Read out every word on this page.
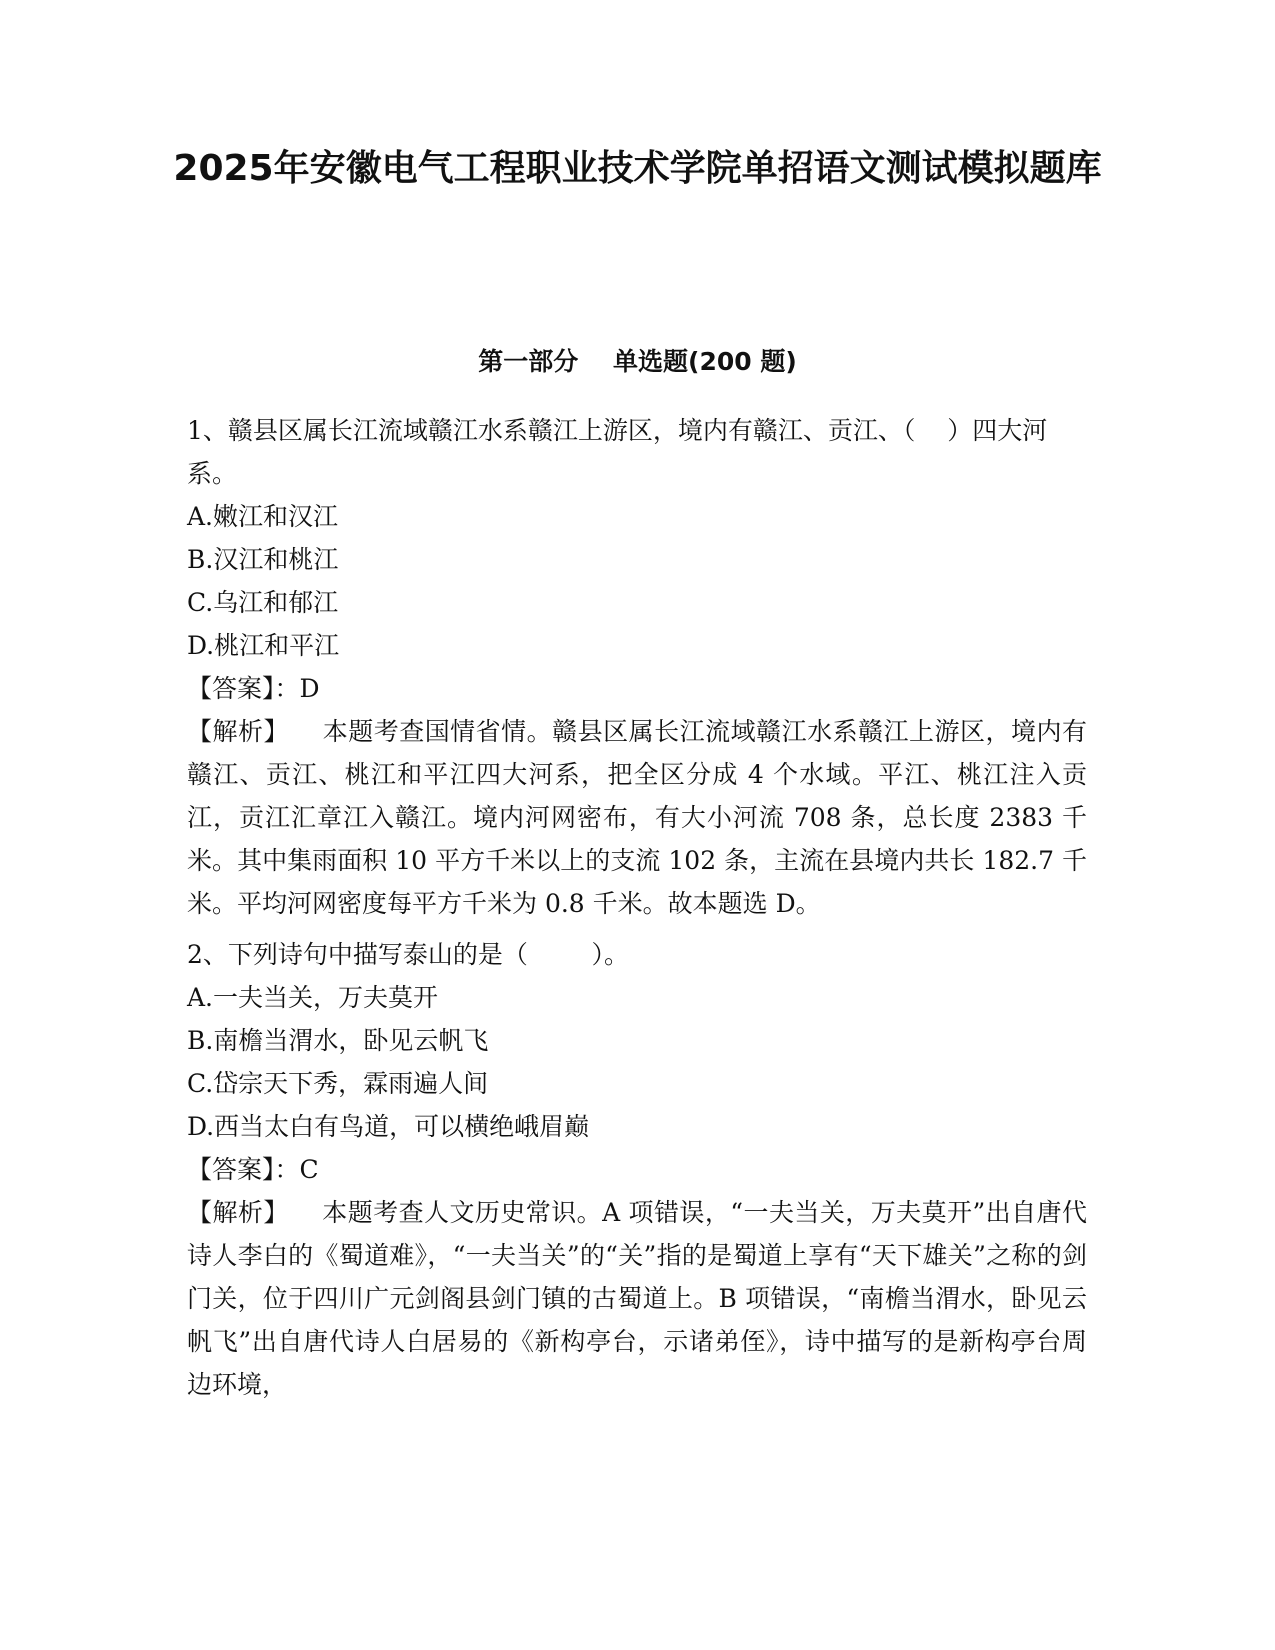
2025年安徽电气工程职业技术学院单招语文测试模拟题库
第一部分    单选题(200 题)

1、赣县区属长江流域赣江水系赣江上游区，境内有赣江、贡江、（    ）四大河系。

A.嫩江和汉江

B.汉江和桃江

C.乌江和郁江

D.桃江和平江

【答案】：D

【解析】    本题考查国情省情。赣县区属长江流域赣江水系赣江上游区，境内有赣江、贡江、桃江和平江四大河系，把全区分成 4 个水域。平江、桃江注入贡江，贡江汇章江入赣江。境内河网密布，有大小河流 708 条，总长度 2383 千米。其中集雨面积 10 平方千米以上的支流 102 条，主流在县境内共长 182.7 千米。平均河网密度每平方千米为 0.8 千米。故本题选 D。

2、下列诗句中描写泰山的是（        ）。

A.一夫当关，万夫莫开

B.南檐当渭水，卧见云帆飞

C.岱宗天下秀，霖雨遍人间

D.西当太白有鸟道，可以横绝峨眉巅

【答案】：C

【解析】    本题考查人文历史常识。A 项错误，“一夫当关，万夫莫开”出自唐代诗人李白的《蜀道难》，“一夫当关”的“关”指的是蜀道上享有“天下雄关”之称的剑门关，位于四川广元剑阁县剑门镇的古蜀道上。B 项错误，“南檐当渭水，卧见云帆飞”出自唐代诗人白居易的《新构亭台，示诸弟侄》，诗中描写的是新构亭台周边环境，
